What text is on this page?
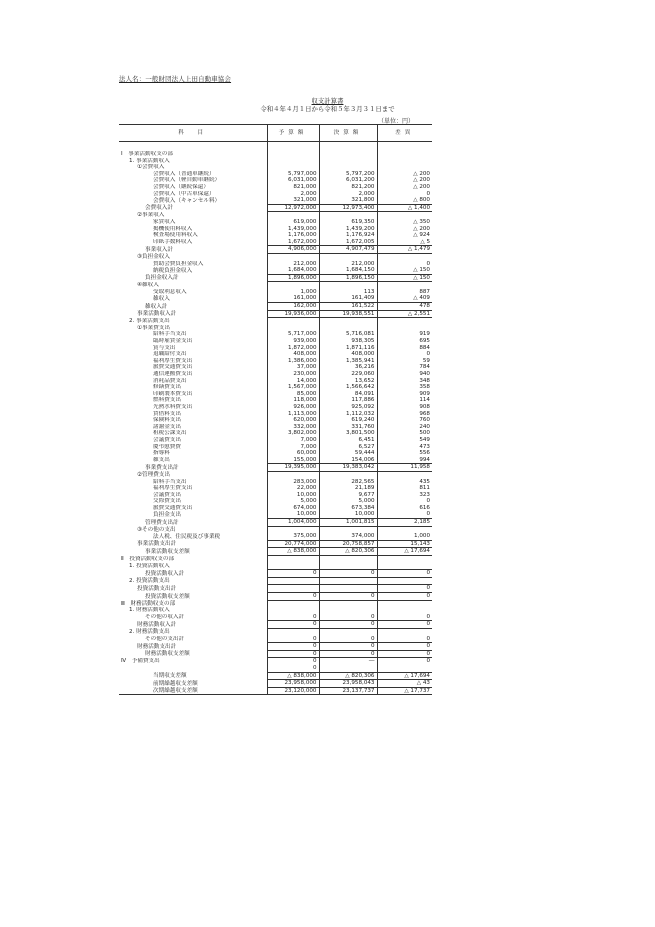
法人名：一般財団法人上田自動車協会
収支計算書
令和４年４月１日から令和５年３月３１日まで
（単位：円）
科　目	予算額	決算額	差異

Ⅰ　事業活動収支の部			
1. 事業活動収入			
①会費収入			
会費収入（普通車継続）	5,797,000	5,797,200	△ 200
会費収入（軽自動車継続）	6,031,000	6,031,200	△ 200
会費収入（継続保還）	821,000	821,200	△ 200
会費収入（中古車保還）	2,000	2,000	0
会費収入（キャンセル料）	321,000	321,800	△ 800
会費収入計	12,972,000	12,973,400	△ 1,400
②事業収入			
家賃収入	619,000	619,350	△ 350
掲機使用料収入	1,439,000	1,439,200	△ 200
検査場使用料収入	1,176,000	1,176,924	△ 924
印紙手数料収入	1,672,000	1,672,005	△ 5
事業収入計	4,906,000	4,907,479	△ 1,479
③負担金収入			
賛助会費負担金収入	212,000	212,000	0
納税負担金収入	1,684,000	1,684,150	△ 150
負担金収入計	1,896,000	1,896,150	△ 150
④雑収入			
受取利息収入	1,000	113	887
雑収入	161,000	161,409	△ 409
雑収入計	162,000	161,522	478
事業活動収入計	19,936,000	19,938,551	△ 2,551
2. 事業活動支出			
①事業費支出			
給料手当支出	5,717,000	5,716,081	919
臨時雇賃金支出	939,000	938,305	695
賞与支出	1,872,000	1,871,116	884
退職給付支出	408,000	408,000	0
福利厚生費支出	1,386,000	1,385,941	59
旅費交通費支出	37,000	36,216	784
通信運搬費支出	230,000	229,060	940
消耗品費支出	14,000	13,652	348
修繕費支出	1,567,000	1,566,642	358
印刷製本費支出	85,000	84,091	909
燃料費支出	118,000	117,886	114
光熱水料費支出	926,000	925,092	908
賃借料支出	1,113,000	1,112,032	968
保険料支出	620,000	619,240	760
諸謝金支出	332,000	331,760	240
租税公課支出	3,802,000	3,801,500	500
会議費支出	7,000	6,451	549
慶弔慰費費	7,000	6,527	473
指導料	60,000	59,444	556
雑支出	155,000	154,006	994
事業費支出計	19,395,000	19,383,042	11,958
②管理費支出			
給料手当支出	283,000	282,565	435
福利厚生費支出	22,000	21,189	811
会議費支出	10,000	9,677	323
交際費支出	5,000	5,000	0
旅費交通費支出	674,000	673,384	616
負担金支出	10,000	10,000	0
管理費支出計	1,004,000	1,001,815	2,185
③その他の支出			
法人税、住民税及び事業税	375,000	374,000	1,000
事業活動支出計	20,774,000	20,758,857	15,143
事業活動収支差額	△ 838,000	△ 820,306	△ 17,694
Ⅱ　投資活動収支の部			
1. 投資活動収入			
投資活動収入計	0	0	0
2. 投資活動支出			
投資活動支出計			0
投資活動収支差額	0	0	0
Ⅲ　財務活動収支の部			
1. 財務活動収入			
その他の収入計	0	0	0
財務活動収入計	0	0	0
2. 財務活動支出			
その他の支出計	0	0	0
財務活動支出計	0	0	0
財務活動収支差額	0	0	0
Ⅳ　予備費支出	0	―	0
	0		
当期収支差額	△ 838,000	△ 820,306	△ 17,694
前期繰越収支差額	23,958,000	23,958,043	△ 43
次期繰越収支差額	23,120,000	23,137,737	△ 17,737
